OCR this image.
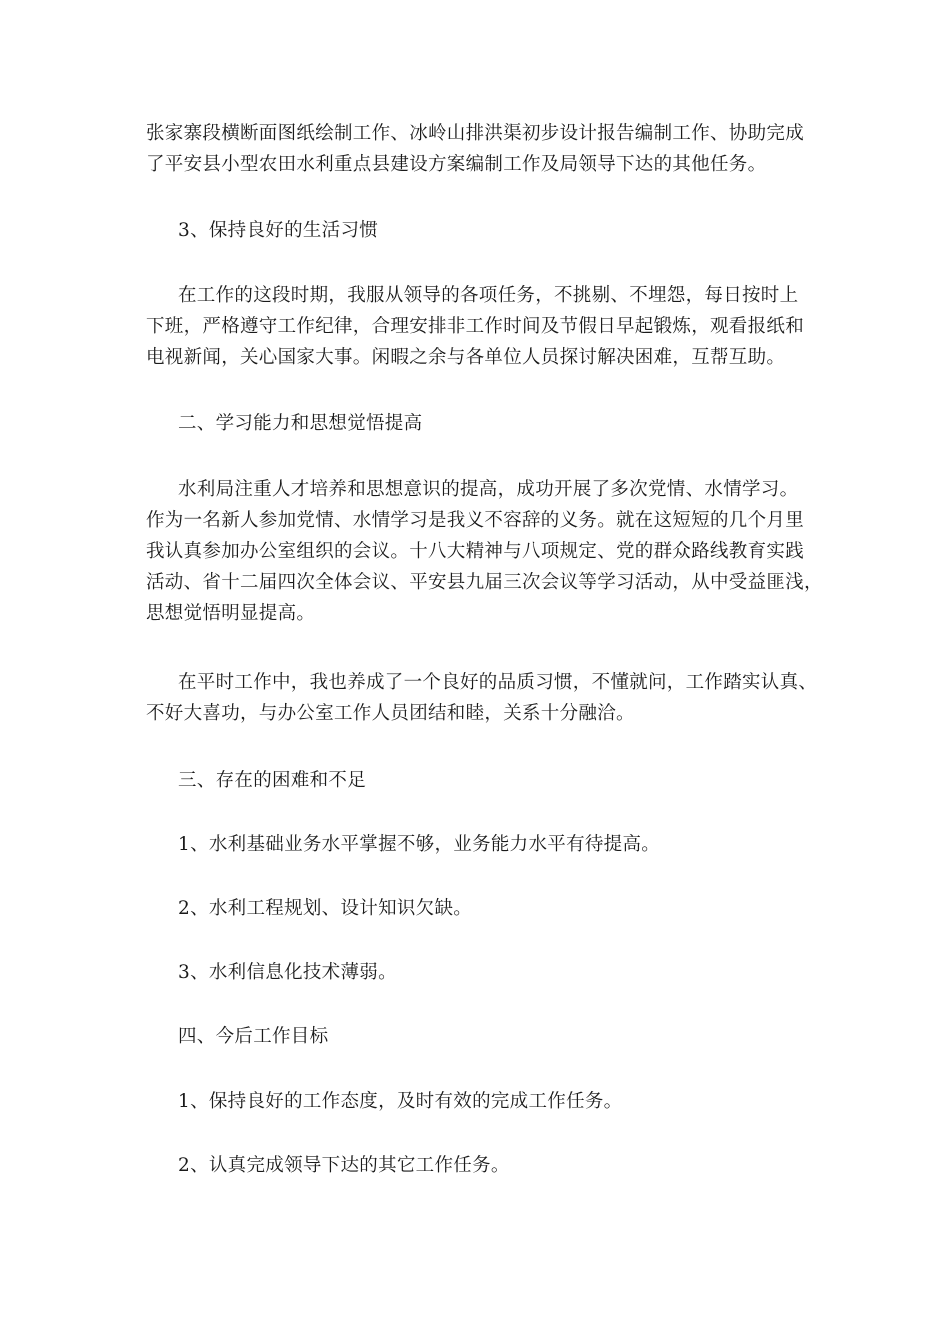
张家寨段横断面图纸绘制工作、冰岭山排洪渠初步设计报告编制工作、协助完成
了平安县小型农田水利重点县建设方案编制工作及局领导下达的其他任务。

3、保持良好的生活习惯

在工作的这段时期，我服从领导的各项任务，不挑剔、不埋怨，每日按时上
下班，严格遵守工作纪律，合理安排非工作时间及节假日早起锻炼，观看报纸和
电视新闻，关心国家大事。闲暇之余与各单位人员探讨解决困难，互帮互助。

二、学习能力和思想觉悟提高

水利局注重人才培养和思想意识的提高，成功开展了多次党情、水情学习。
作为一名新人参加党情、水情学习是我义不容辞的义务。就在这短短的几个月里
我认真参加办公室组织的会议。十八大精神与八项规定、党的群众路线教育实践
活动、省十二届四次全体会议、平安县九届三次会议等学习活动，从中受益匪浅，
思想觉悟明显提高。
在平时工作中，我也养成了一个良好的品质习惯，不懂就问，工作踏实认真、
不好大喜功，与办公室工作人员团结和睦，关系十分融洽。

三、存在的困难和不足

1、水利基础业务水平掌握不够，业务能力水平有待提高。

2、水利工程规划、设计知识欠缺。

3、水利信息化技术薄弱。

四、今后工作目标

1、保持良好的工作态度，及时有效的完成工作任务。

2、认真完成领导下达的其它工作任务。
